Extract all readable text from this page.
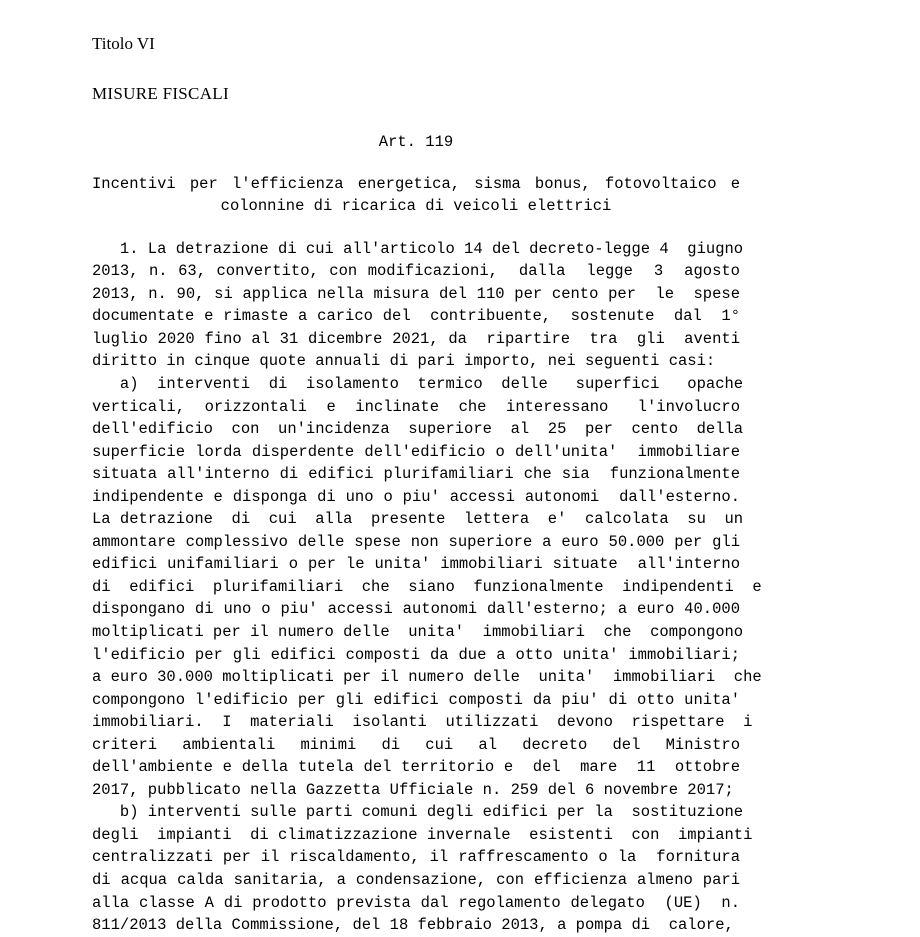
Titolo VI
MISURE FISCALI
Art. 119
Incentivi per l'efficienza energetica, sisma bonus, fotovoltaico e
colonnine di ricarica di veicoli elettrici

1. La detrazione di cui all'articolo 14 del decreto-legge 4  giugno
2013, n. 63, convertito, con modificazioni,  dalla  legge  3  agosto
2013, n. 90, si applica nella misura del 110 per cento per  le  spese
documentate e rimaste a carico del  contribuente,  sostenute  dal  1°
luglio 2020 fino al 31 dicembre 2021, da  ripartire  tra  gli  aventi
diritto in cinque quote annuali di pari importo, nei seguenti casi:

a)  interventi  di  isolamento  termico  delle   superfici   opache
verticali,  orizzontali  e  inclinate  che  interessano   l'involucro
dell'edificio  con  un'incidenza  superiore  al  25  per  cento  della
superficie lorda disperdente dell'edificio o dell'unita'  immobiliare
situata all'interno di edifici plurifamiliari che sia  funzionalmente
indipendente e disponga di uno o piu' accessi autonomi  dall'esterno.
La detrazione  di  cui  alla  presente  lettera  e'  calcolata  su  un
ammontare complessivo delle spese non superiore a euro 50.000 per gli
edifici unifamiliari o per le unita' immobiliari situate  all'interno
di  edifici  plurifamiliari  che  siano  funzionalmente  indipendenti  e
dispongano di uno o piu' accessi autonomi dall'esterno; a euro 40.000
moltiplicati per il numero delle  unita'  immobiliari  che  compongono
l'edificio per gli edifici composti da due a otto unita' immobiliari;
a euro 30.000 moltiplicati per il numero delle  unita'  immobiliari  che
compongono l'edificio per gli edifici composti da piu' di otto unita'
immobiliari.  I  materiali  isolanti  utilizzati  devono  rispettare  i
criteri  ambientali  minimi  di  cui  al  decreto  del  Ministro
dell'ambiente e della tutela del territorio e  del  mare  11  ottobre
2017, pubblicato nella Gazzetta Ufficiale n. 259 del 6 novembre 2017;

b) interventi sulle parti comuni degli edifici per la  sostituzione
degli  impianti  di climatizzazione invernale  esistenti  con  impianti
centralizzati per il riscaldamento, il raffrescamento o la  fornitura
di acqua calda sanitaria, a condensazione, con efficienza almeno pari
alla classe A di prodotto prevista dal regolamento delegato  (UE)  n.
811/2013 della Commissione, del 18 febbraio 2013, a pompa di  calore,
